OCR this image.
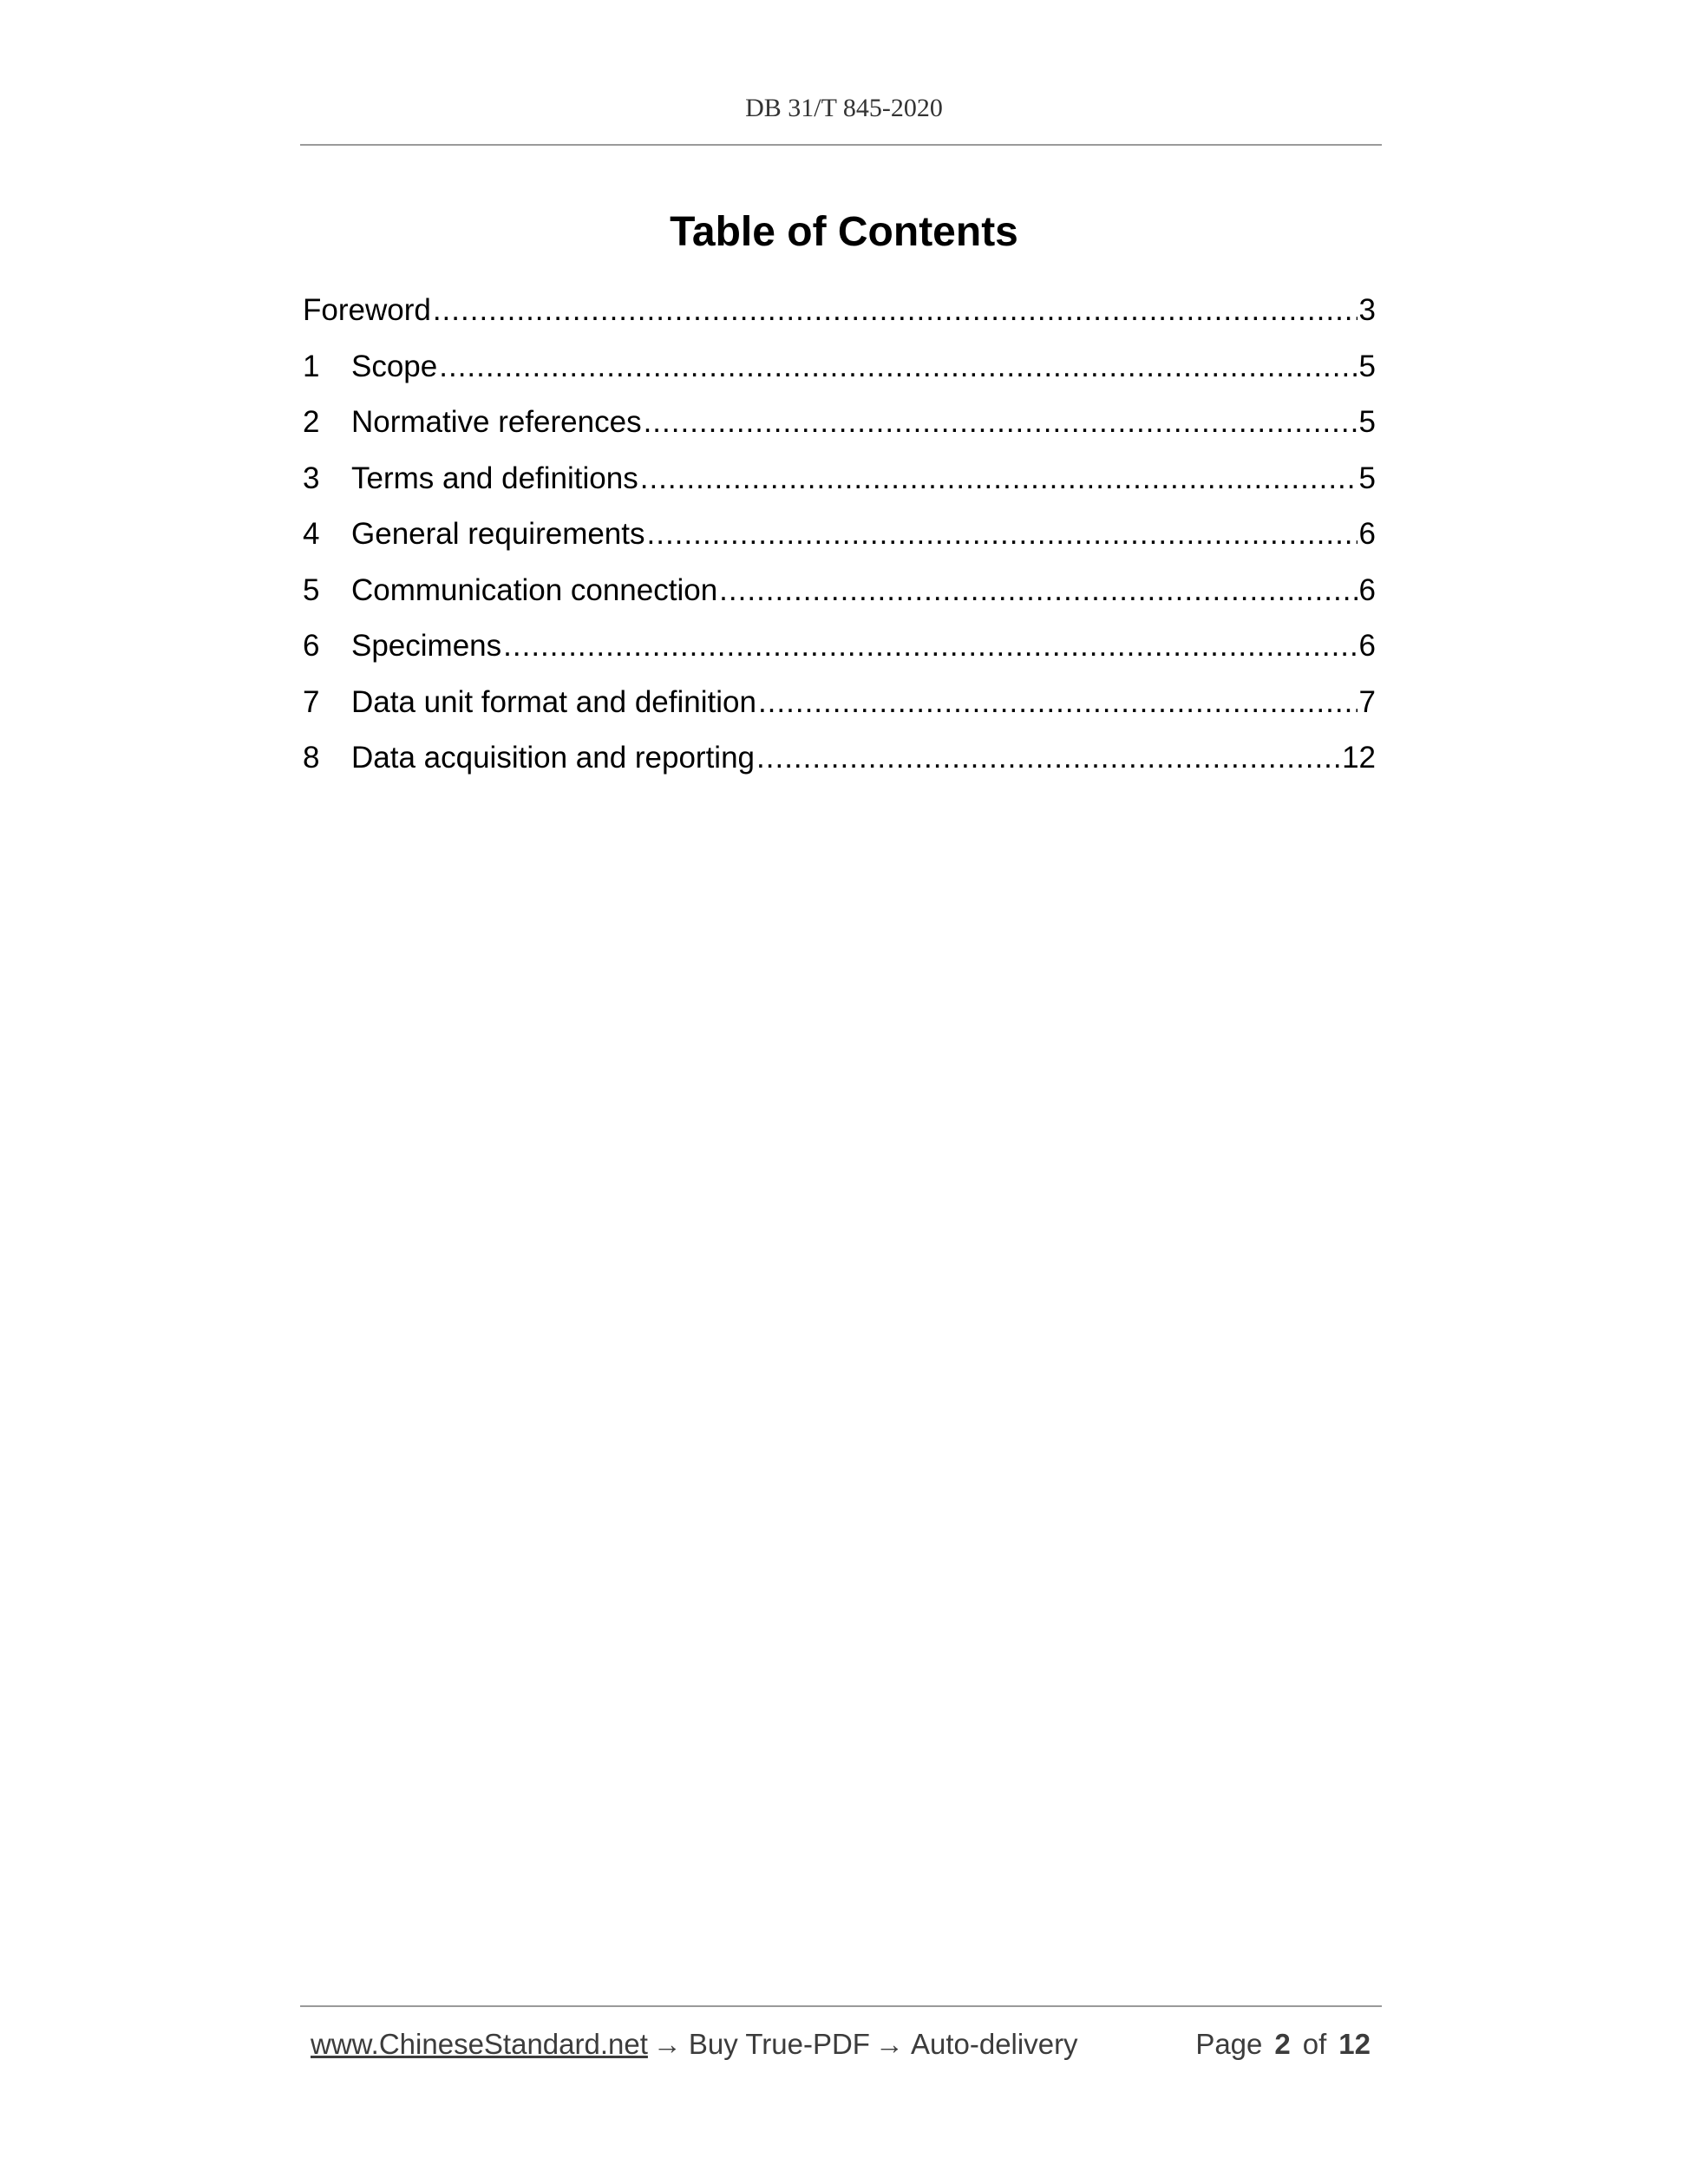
DB 31/T 845-2020

Table of Contents
Foreword .....	3
1	Scope .....	5
2	Normative references .....	5
3	Terms and definitions .....	5
4	General requirements .....	6
5	Communication connection .....	6
6	Specimens .....	6
7	Data unit format and definition .....	7
8	Data acquisition and reporting .....	12
www.ChineseStandard.net → Buy True-PDF → Auto-delivery	Page 2 of 12
